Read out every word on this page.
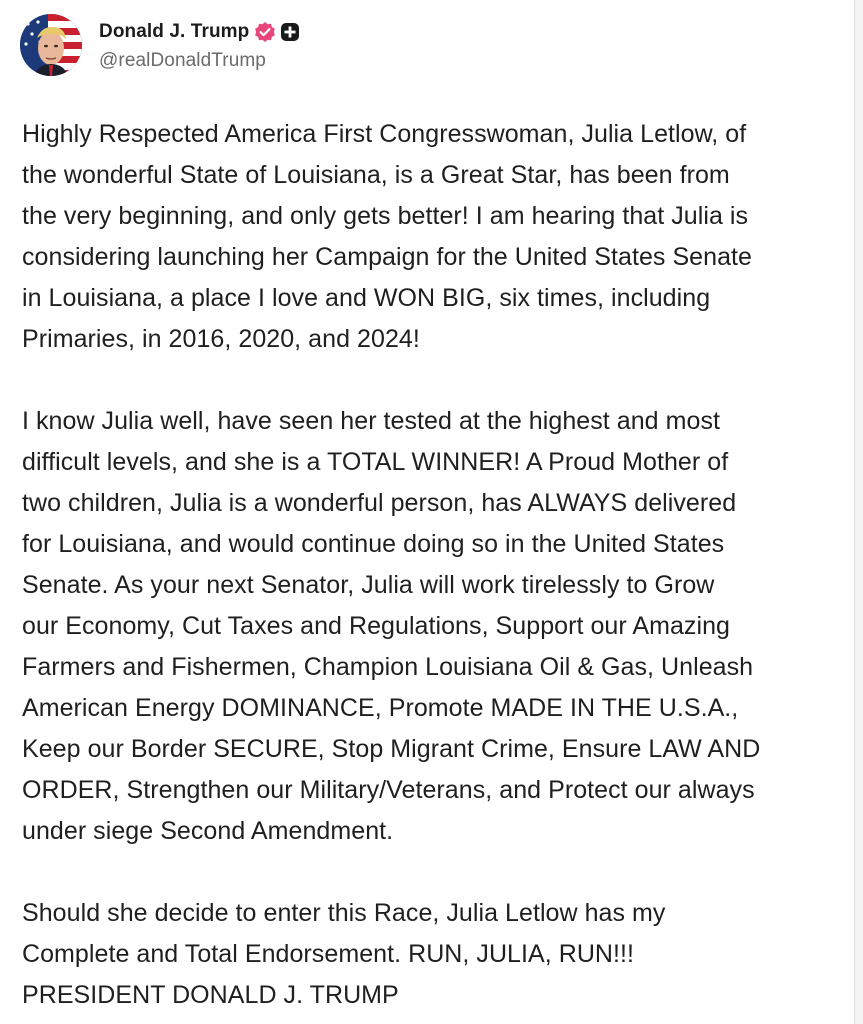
Donald J. Trump
@realDonaldTrump

Highly Respected America First Congresswoman, Julia Letlow, of
the wonderful State of Louisiana, is a Great Star, has been from
the very beginning, and only gets better! I am hearing that Julia is
considering launching her Campaign for the United States Senate
in Louisiana, a place I love and WON BIG, six times, including
Primaries, in 2016, 2020, and 2024!

I know Julia well, have seen her tested at the highest and most
difficult levels, and she is a TOTAL WINNER! A Proud Mother of
two children, Julia is a wonderful person, has ALWAYS delivered
for Louisiana, and would continue doing so in the United States
Senate. As your next Senator, Julia will work tirelessly to Grow
our Economy, Cut Taxes and Regulations, Support our Amazing
Farmers and Fishermen, Champion Louisiana Oil & Gas, Unleash
American Energy DOMINANCE, Promote MADE IN THE U.S.A.,
Keep our Border SECURE, Stop Migrant Crime, Ensure LAW AND
ORDER, Strengthen our Military/Veterans, and Protect our always
under siege Second Amendment.

Should she decide to enter this Race, Julia Letlow has my
Complete and Total Endorsement. RUN, JULIA, RUN!!!
PRESIDENT DONALD J. TRUMP
